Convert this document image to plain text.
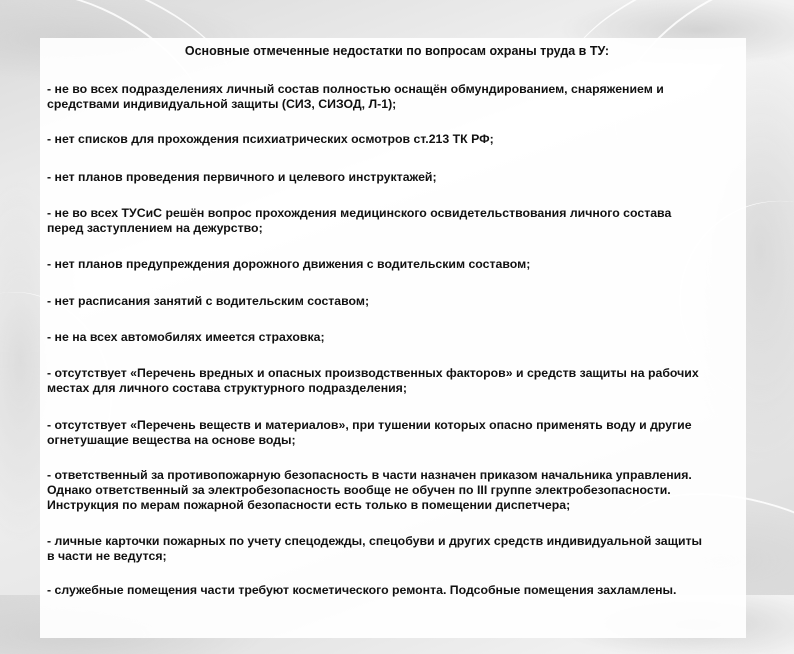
Основные отмеченные недостатки по вопросам охраны труда в ТУ:
- не во всех подразделениях личный состав полностью оснащён обмундированием, снаряжением и
средствами индивидуальной защиты (СИЗ, СИЗОД, Л-1);
- нет списков для прохождения психиатрических осмотров ст.213 ТК РФ;
- нет планов проведения первичного и целевого инструктажей;
- не во всех ТУСиС решён вопрос прохождения медицинского освидетельствования личного состава
перед заступлением на дежурство;
- нет планов предупреждения дорожного движения с водительским составом;
- нет расписания занятий с водительским составом;
- не на всех автомобилях имеется страховка;
- отсутствует «Перечень вредных и опасных производственных факторов» и средств защиты на рабочих
местах для личного состава структурного подразделения;
- отсутствует «Перечень веществ и материалов», при тушении которых опасно применять воду и другие
огнетушащие вещества на основе воды;
- ответственный за противопожарную безопасность в части назначен приказом начальника управления.
Однако ответственный за электробезопасность вообще не обучен по III группе электробезопасности.
Инструкция по мерам пожарной безопасности есть только в помещении диспетчера;
- личные карточки пожарных по учету спецодежды, спецобуви и других средств индивидуальной защиты
в части не ведутся;
- служебные помещения части требуют косметического ремонта. Подсобные помещения захламлены.
